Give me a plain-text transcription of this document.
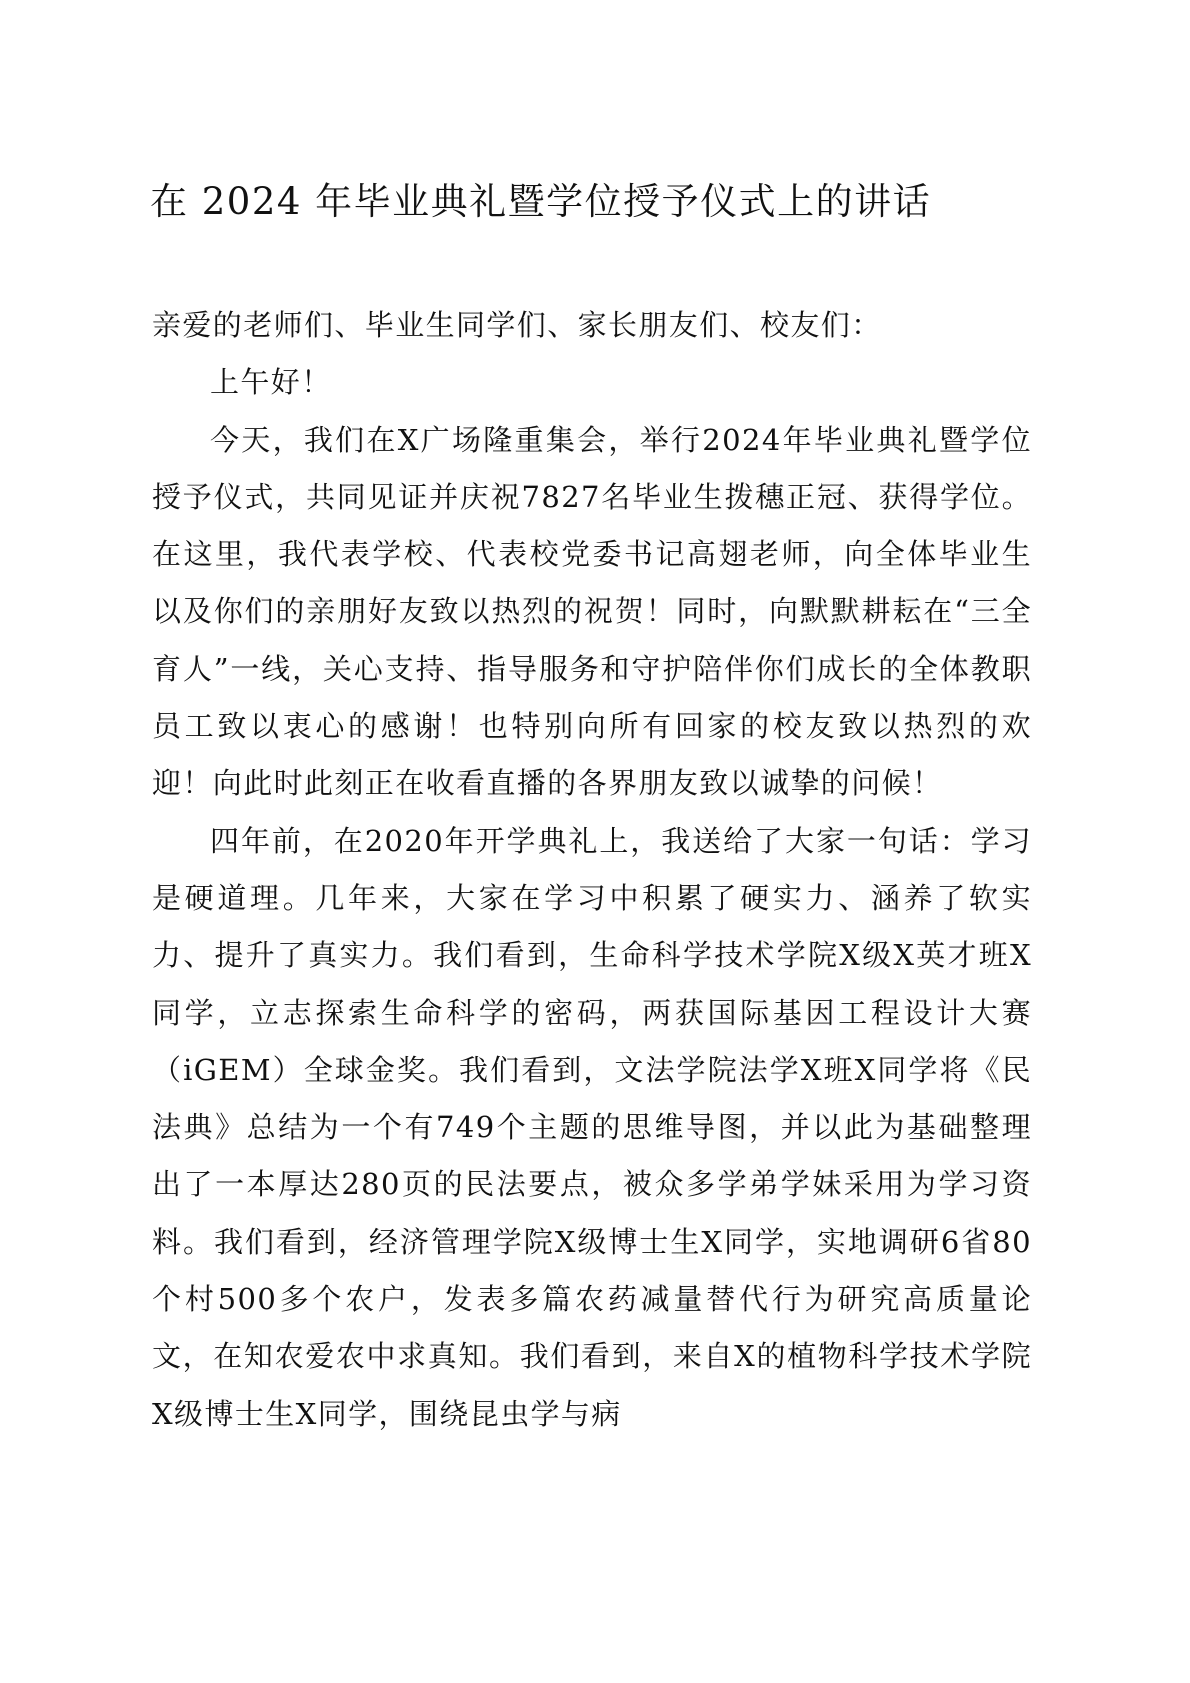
在 2024 年毕业典礼暨学位授予仪式上的讲话

亲爱的老师们、毕业生同学们、家长朋友们、校友们：

上午好！

今天，我们在X广场隆重集会，举行2024年毕业典礼暨学位授予仪式，共同见证并庆祝7827名毕业生拨穗正冠、获得学位。在这里，我代表学校、代表校党委书记高翅老师，向全体毕业生以及你们的亲朋好友致以热烈的祝贺！同时，向默默耕耘在“三全育人”一线，关心支持、指导服务和守护陪伴你们成长的全体教职员工致以衷心的感谢！也特别向所有回家的校友致以热烈的欢迎！向此时此刻正在收看直播的各界朋友致以诚挚的问候！

四年前，在2020年开学典礼上，我送给了大家一句话：学习是硬道理。几年来，大家在学习中积累了硬实力、涵养了软实力、提升了真实力。我们看到，生命科学技术学院X级X英才班X同学，立志探索生命科学的密码，两获国际基因工程设计大赛（iGEM）全球金奖。我们看到，文法学院法学X班X同学将《民法典》总结为一个有749个主题的思维导图，并以此为基础整理出了一本厚达280页的民法要点，被众多学弟学妹采用为学习资料。我们看到，经济管理学院X级博士生X同学，实地调研6省80个村500多个农户，发表多篇农药减量替代行为研究高质量论文，在知农爱农中求真知。我们看到，来自X的植物科学技术学院X级博士生X同学，围绕昆虫学与病
